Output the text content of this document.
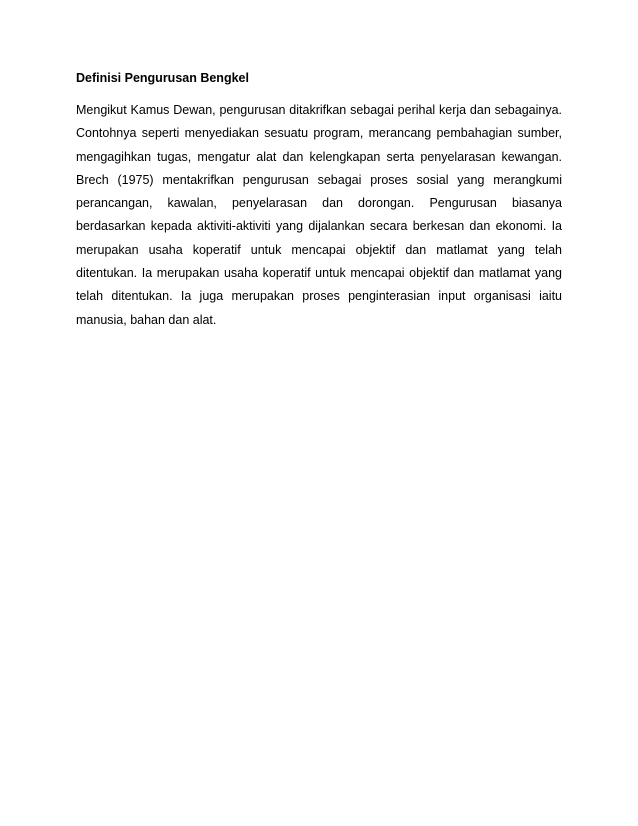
Definisi Pengurusan Bengkel

Mengikut Kamus Dewan, pengurusan ditakrifkan sebagai perihal kerja dan sebagainya.
Contohnya seperti menyediakan sesuatu program, merancang pembahagian sumber,
mengagihkan tugas, mengatur alat dan kelengkapan serta penyelarasan kewangan.
Brech (1975) mentakrifkan pengurusan sebagai proses sosial yang merangkumi
perancangan, kawalan, penyelarasan dan dorongan. Pengurusan biasanya
berdasarkan kepada aktiviti-aktiviti yang dijalankan secara berkesan dan ekonomi. Ia
merupakan usaha koperatif untuk mencapai objektif dan matlamat yang telah
ditentukan. Ia merupakan usaha koperatif untuk mencapai objektif dan matlamat yang
telah ditentukan. Ia juga merupakan proses penginterasian input organisasi iaitu
manusia, bahan dan alat.
